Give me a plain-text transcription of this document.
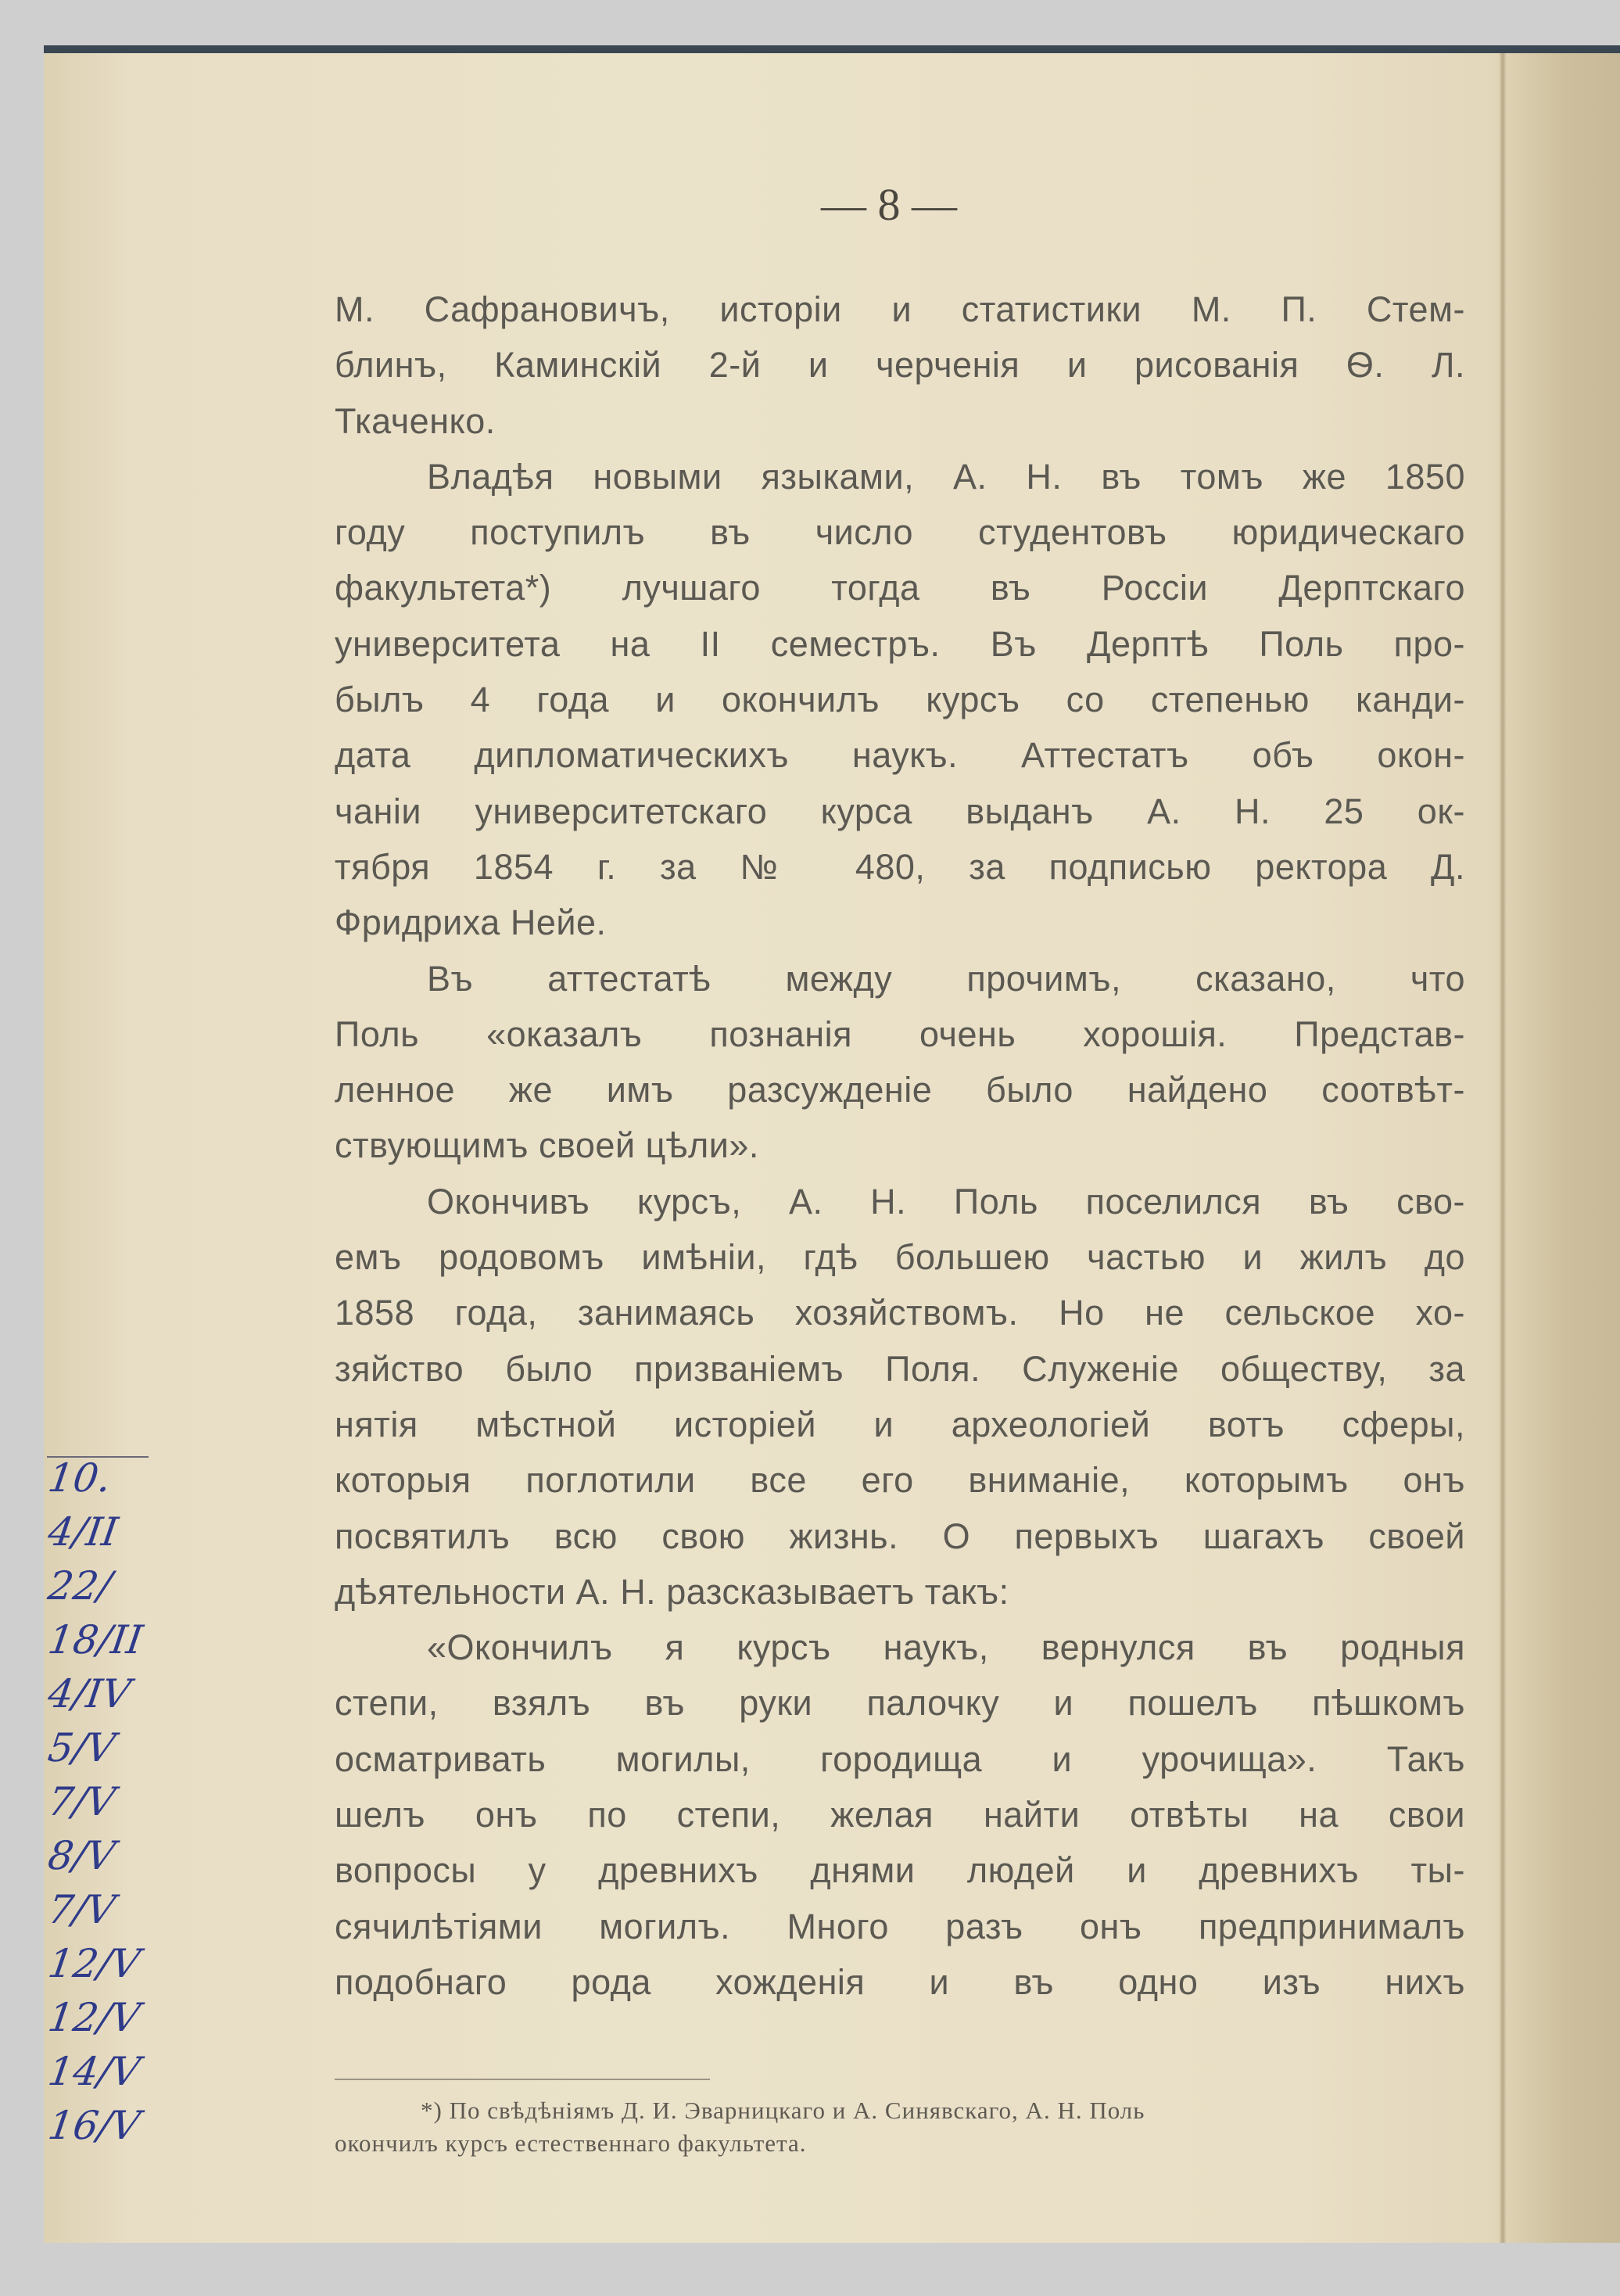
— 8 —
М. Сафрановичъ, исторіи и статистики М. П. Стем-
блинъ, Каминскій 2-й и черченія и рисованія Ѳ. Л.
Ткаченко.
Владѣя новыми языками, А. Н. въ томъ же 1850
году поступилъ въ число студентовъ юридическаго
факультета*) лучшаго тогда въ Россіи Дерптскаго
университета на II семестръ. Въ Дерптѣ Поль про-
былъ 4 года и окончилъ курсъ со степенью канди-
дата дипломатическихъ наукъ. Аттестатъ объ окон-
чаніи университетскаго курса выданъ А. Н. 25 ок-
тября 1854 г. за № 480, за подписью ректора Д.
Фридриха Нейе.
Въ аттестатѣ между прочимъ, сказано, что
Поль «оказалъ познанія очень хорошія. Представ-
ленное же имъ разсужденіе было найдено соотвѣт-
ствующимъ своей цѣли».
Окончивъ курсъ, А. Н. Поль поселился въ сво-
емъ родовомъ имѣніи, гдѣ большею частью и жилъ до
1858 года, занимаясь хозяйствомъ. Но не сельское хо-
зяйство было призваніемъ Поля. Служеніе обществу, за
нятія мѣстной исторіей и археологіей вотъ сферы,
которыя поглотили все его вниманіе, которымъ онъ
посвятилъ всю свою жизнь. О первыхъ шагахъ своей
дѣятельности А. Н. разсказываетъ такъ:
«Окончилъ я курсъ наукъ, вернулся въ родныя
степи, взялъ въ руки палочку и пошелъ пѣшкомъ
осматривать могилы, городища и урочища». Такъ
шелъ онъ по степи, желая найти отвѣты на свои
вопросы у древнихъ днями людей и древнихъ ты-
сячилѣтіями могилъ. Много разъ онъ предпринималъ
подобнаго рода хожденія и въ одно изъ нихъ
*) По свѣдѣніямъ Д. И. Эварницкаго и А. Синявскаго, А. Н. Поль
окончилъ курсъ естественнаго факультета.
10.
4/II
22/
18/II
4/IV
5/V
7/V
8/V
7/V
12/V
12/V
14/V
16/V
